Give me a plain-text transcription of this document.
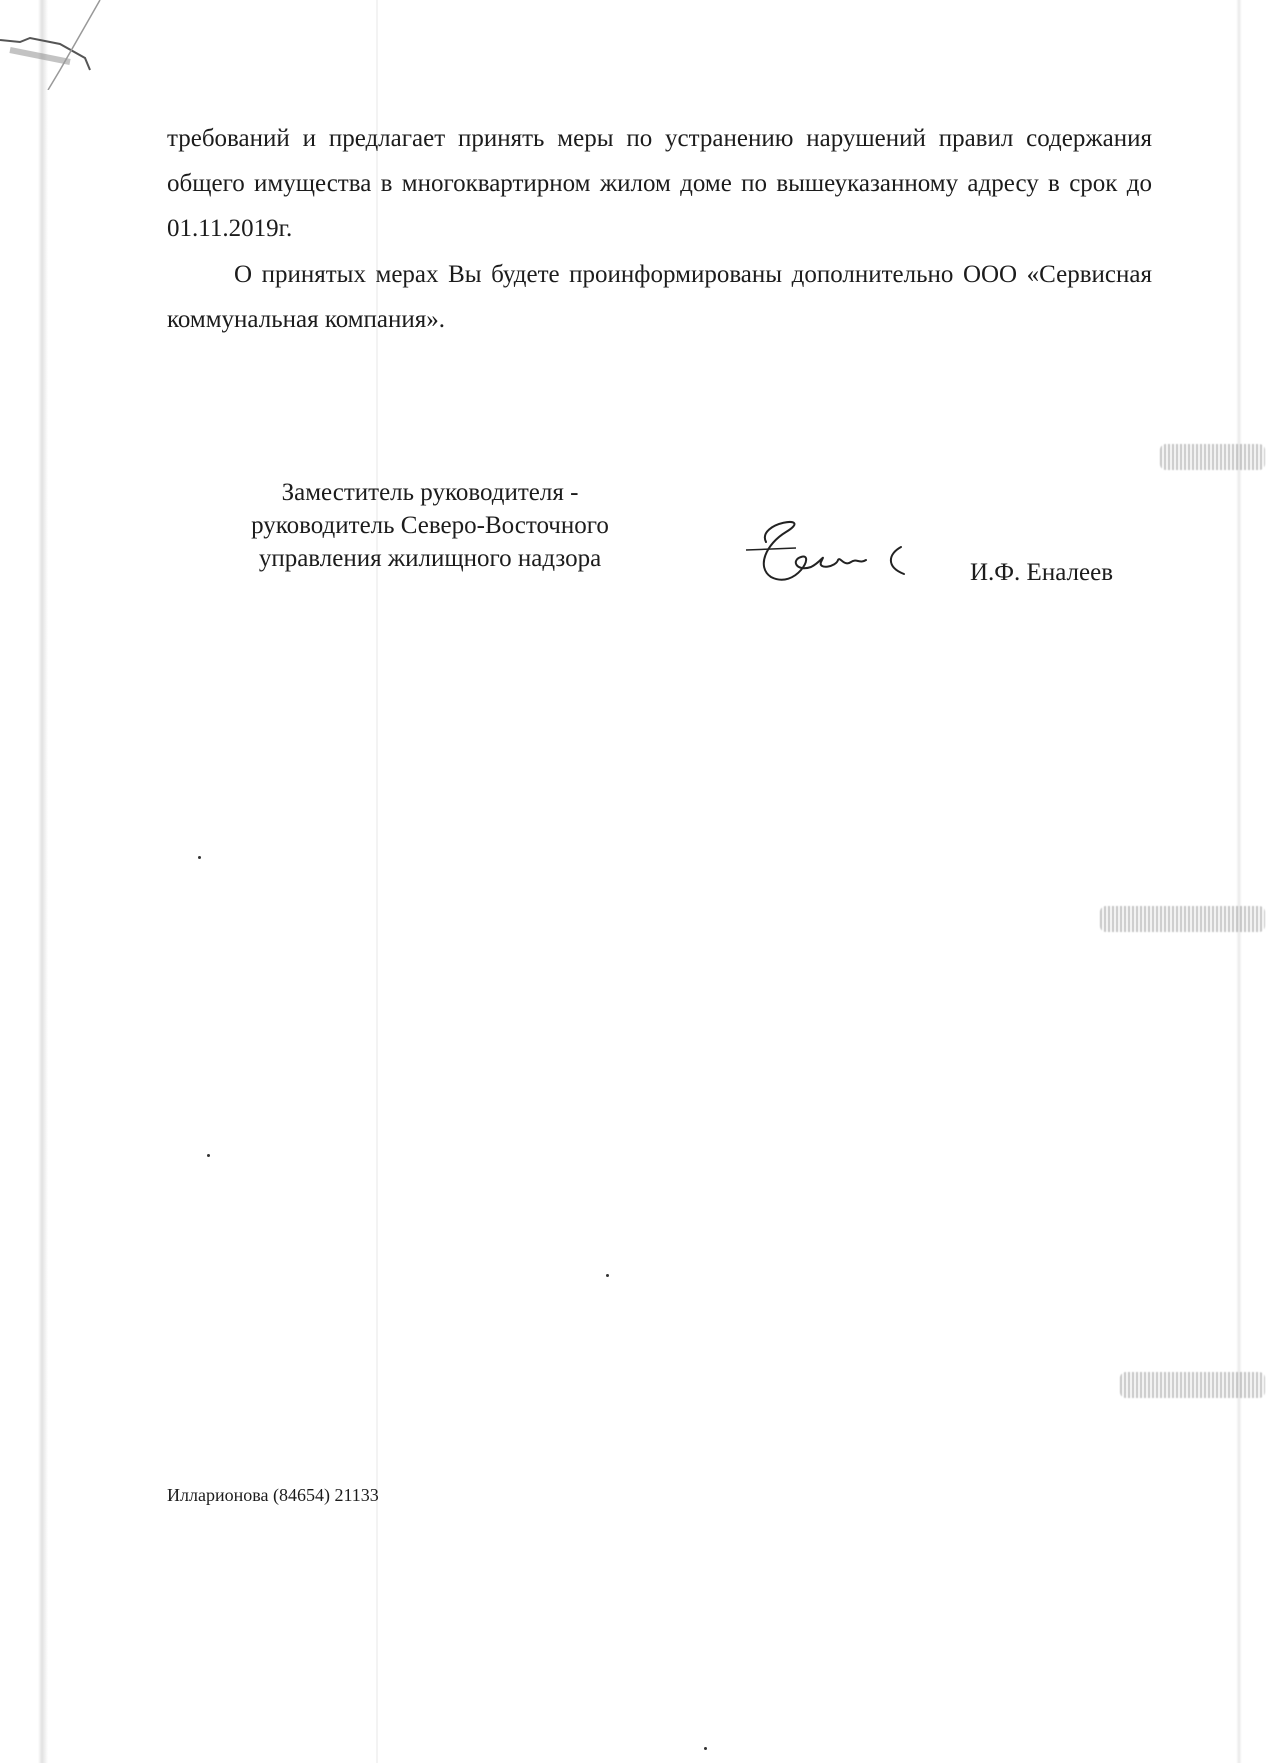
требований и предлагает принять меры по устранению нарушений правил содержания общего имущества в многоквартирном жилом доме по вышеуказанному адресу в срок до 01.11.2019г.
О принятых мерах Вы будете проинформированы дополнительно ООО «Сервисная коммунальная компания».
Заместитель руководителя -
руководитель Северо-Восточного
управления жилищного надзора
И.Ф. Еналеев
Илларионова (84654) 21133
